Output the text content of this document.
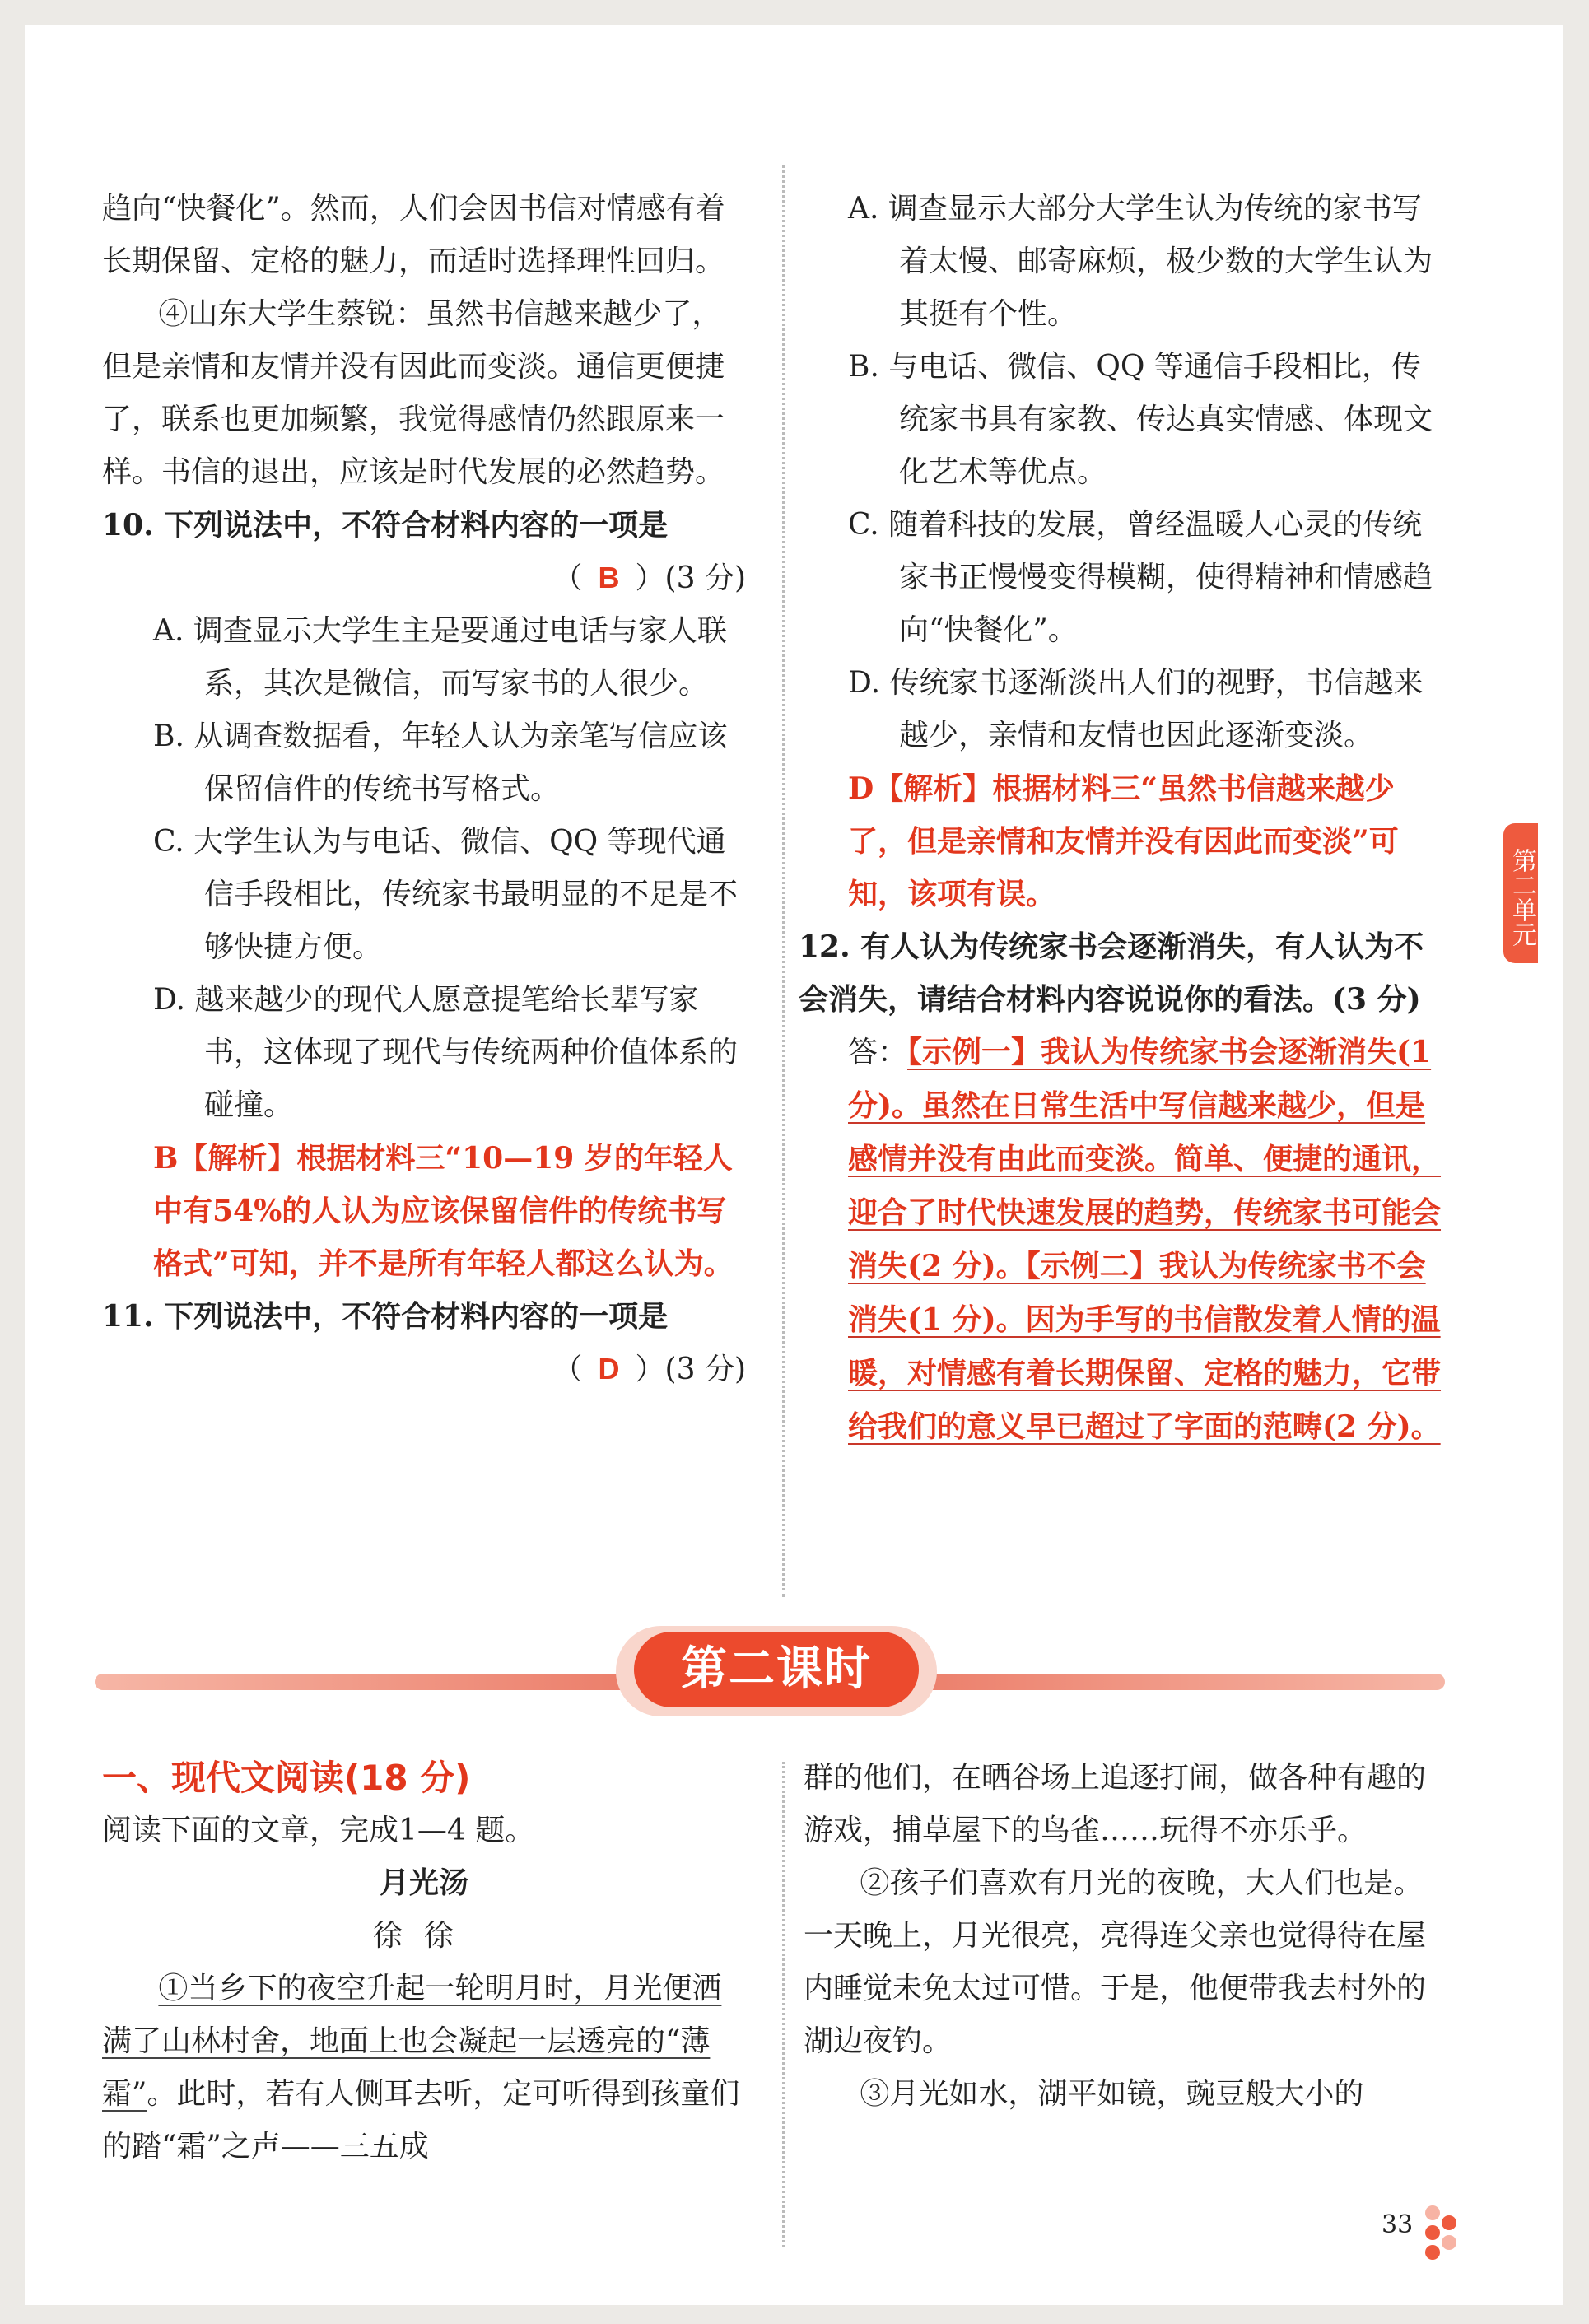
趋向“快餐化”。然而，人们会因书信对情感有着长期保留、定格的魅力，而适时选择理性回归。

④山东大学生蔡锐：虽然书信越来越少了，但是亲情和友情并没有因此而变淡。通信更便捷了，联系也更加频繁，我觉得感情仍然跟原来一样。书信的退出，应该是时代发展的必然趋势。

10. 下列说法中，不符合材料内容的一项是

（ B ）(3 分)

A. 调查显示大学生主是要通过电话与家人联系，其次是微信，而写家书的人很少。

B. 从调查数据看，年轻人认为亲笔写信应该保留信件的传统书写格式。

C. 大学生认为与电话、微信、QQ 等现代通信手段相比，传统家书最明显的不足是不够快捷方便。

D. 越来越少的现代人愿意提笔给长辈写家书，这体现了现代与传统两种价值体系的碰撞。

B【解析】根据材料三“10—19 岁的年轻人中有54%的人认为应该保留信件的传统书写格式”可知，并不是所有年轻人都这么认为。

11. 下列说法中，不符合材料内容的一项是

（ D ）(3 分)

A. 调查显示大部分大学生认为传统的家书写着太慢、邮寄麻烦，极少数的大学生认为其挺有个性。

B. 与电话、微信、QQ 等通信手段相比，传统家书具有家教、传达真实情感、体现文化艺术等优点。

C. 随着科技的发展，曾经温暖人心灵的传统家书正慢慢变得模糊，使得精神和情感趋向“快餐化”。

D. 传统家书逐渐淡出人们的视野，书信越来越少，亲情和友情也因此逐渐变淡。

D【解析】根据材料三“虽然书信越来越少了，但是亲情和友情并没有因此而变淡”可知，该项有误。

12. 有人认为传统家书会逐渐消失，有人认为不会消失，请结合材料内容说说你的看法。(3 分)

答：【示例一】我认为传统家书会逐渐消失(1 分)。虽然在日常生活中写信越来越少，但是感情并没有由此而变淡。简单、便捷的通讯，迎合了时代快速发展的趋势，传统家书可能会消失(2 分)。【示例二】我认为传统家书不会消失(1 分)。因为手写的书信散发着人情的温暖，对情感有着长期保留、定格的魅力，它带给我们的意义早已超过了字面的范畴(2 分)。

第二单元
第二课时

一、现代文阅读(18 分)

阅读下面的文章，完成1—4 题。

月光汤

徐徐

①当乡下的夜空升起一轮明月时，月光便洒满了山林村舍，地面上也会凝起一层透亮的“薄霜”。此时，若有人侧耳去听，定可听得到孩童们的踏“霜”之声——三五成

群的他们，在晒谷场上追逐打闹，做各种有趣的游戏，捕草屋下的鸟雀……玩得不亦乐乎。

②孩子们喜欢有月光的夜晚，大人们也是。一天晚上，月光很亮，亮得连父亲也觉得待在屋内睡觉未免太过可惜。于是，他便带我去村外的湖边夜钓。

③月光如水，湖平如镜，豌豆般大小的

33
